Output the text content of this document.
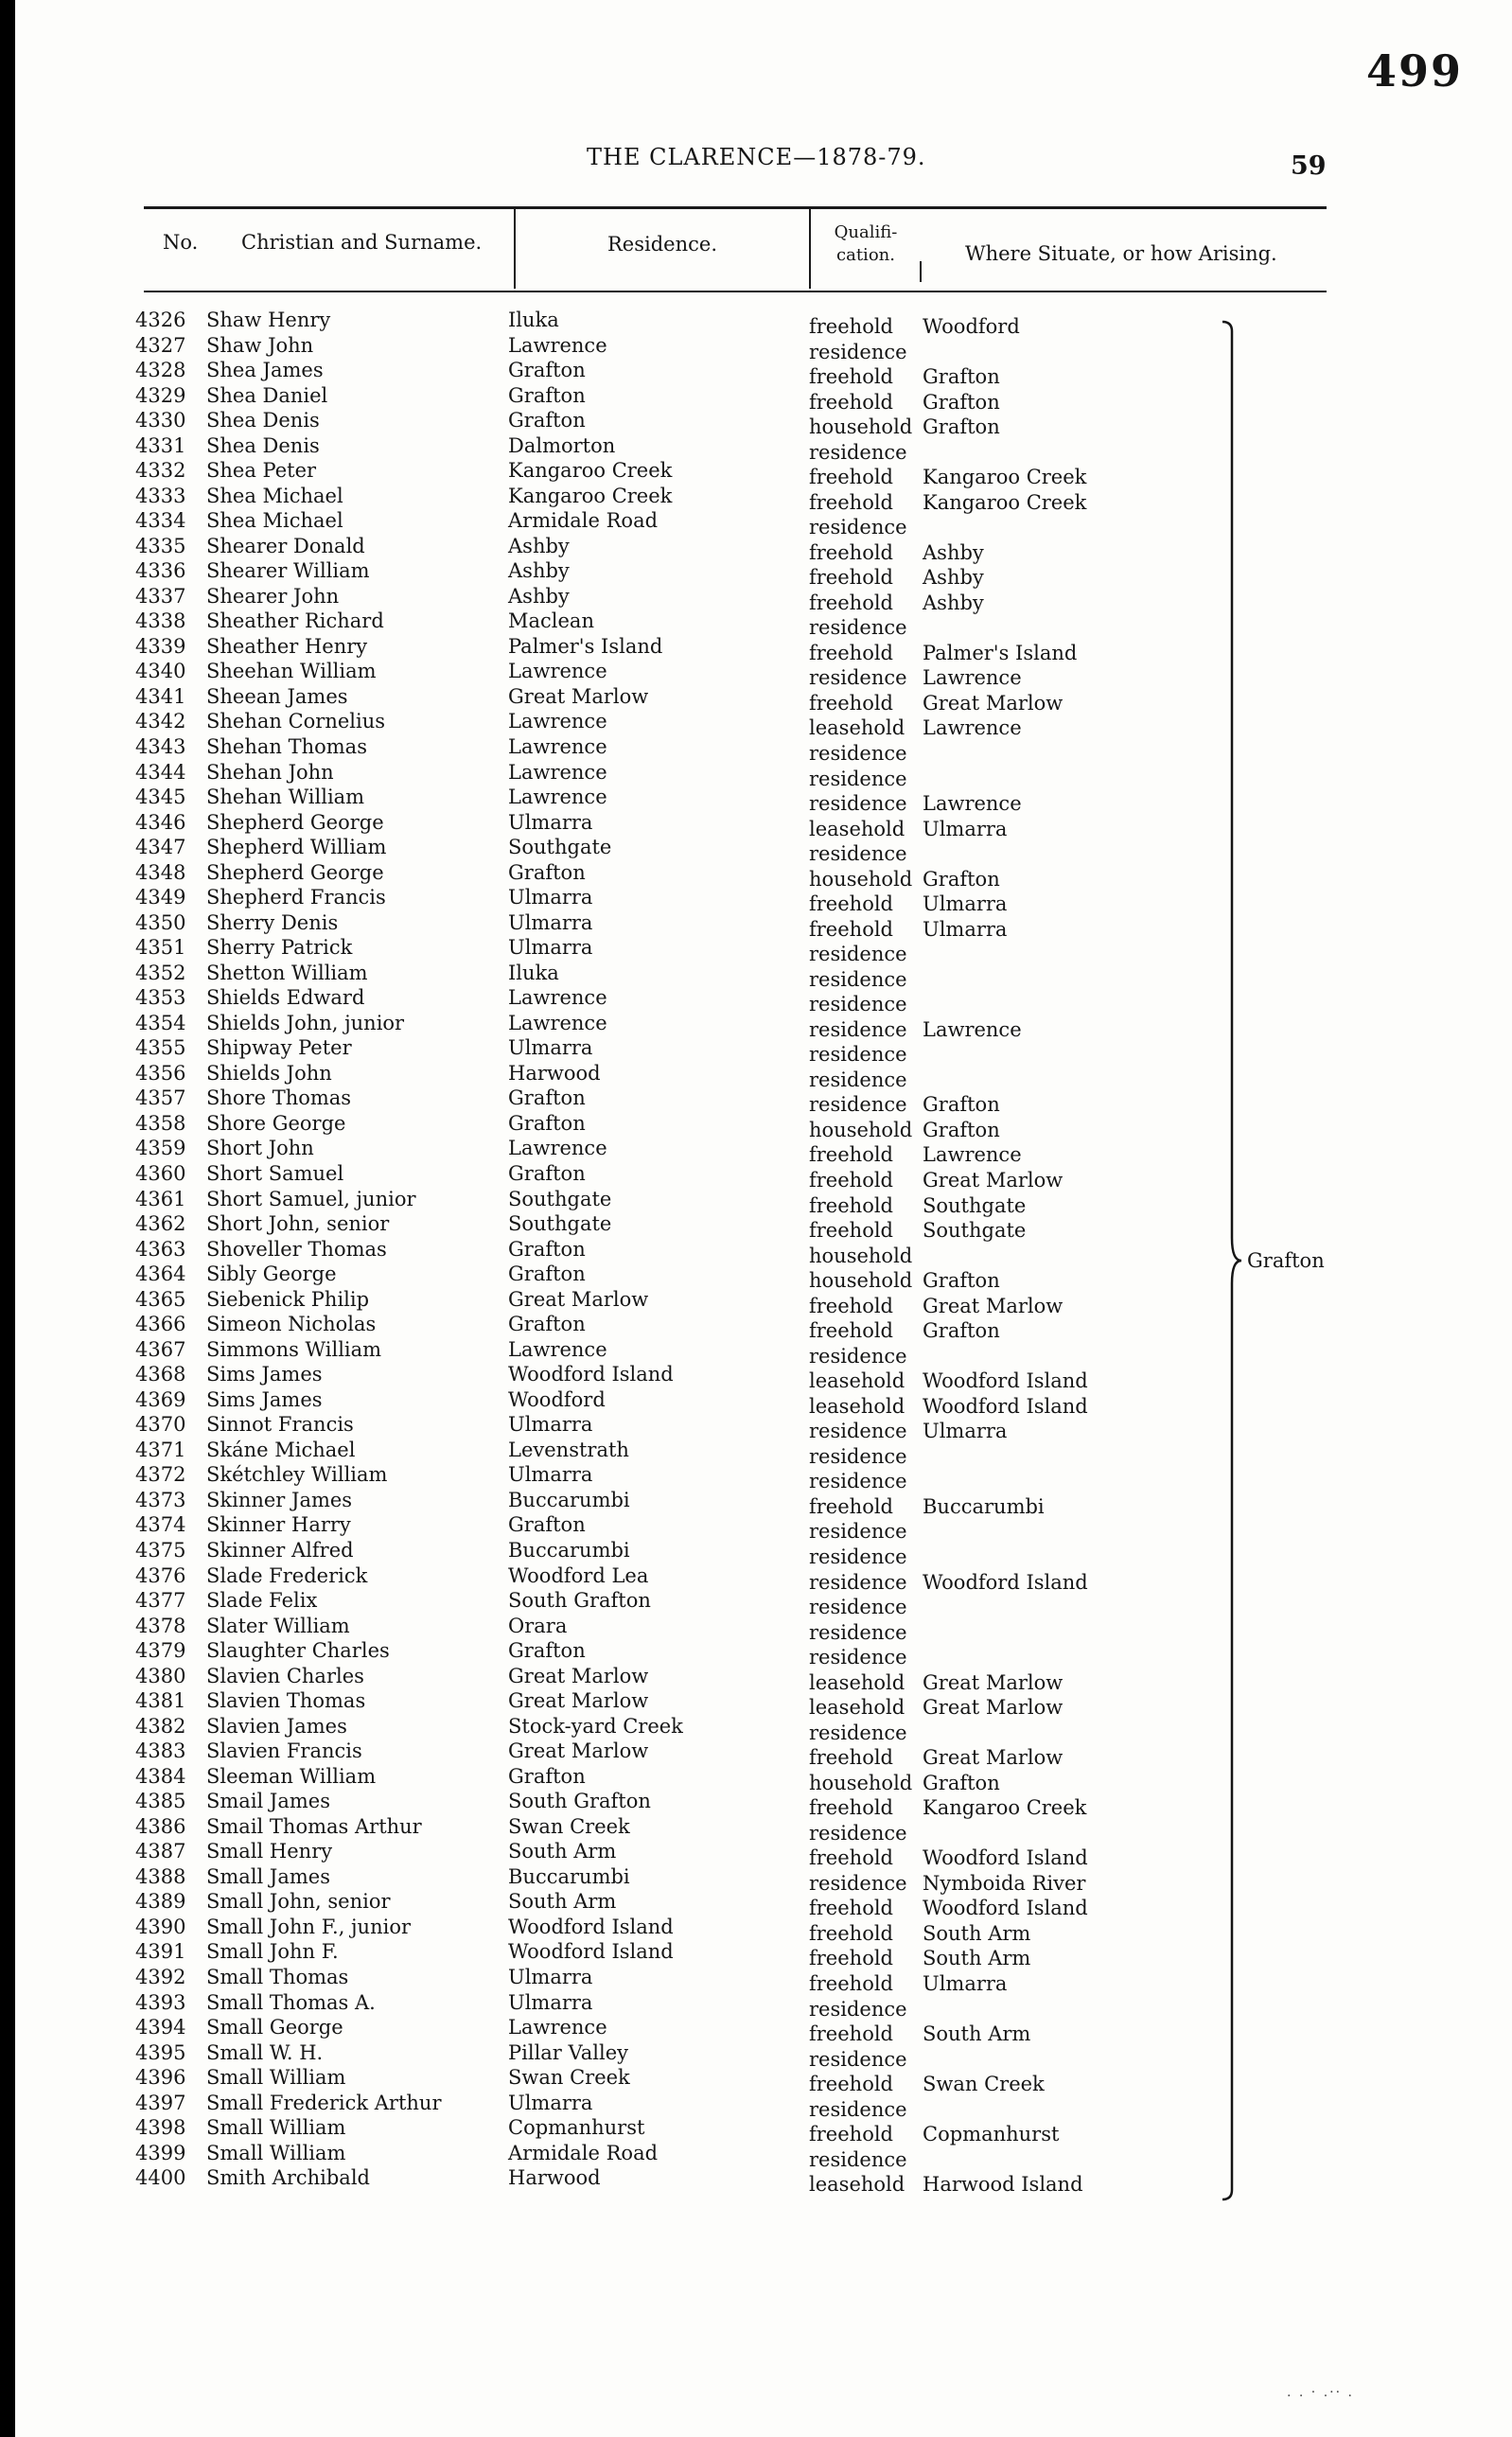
499
THE CLARENCE—1878-79.	59
No. Christian and Surname.	Residence.
Qualifi-
cation.	Where Situate, or how Arising.
4326 Shaw Henry	Iluka	freehold Woodford
4327 Shaw John	Lawrence	residence
4328 Shea James	Grafton	freehold Grafton
4329 Shea Daniel	Grafton	freehold Grafton
4330 Shea Denis	Grafton	household Grafton
4331 Shea Denis	Dalmorton	residence
4332 Shea Peter	Kangaroo Creek	freehold Kangaroo Creek
4333 Shea Michael	Kangaroo Creek	freehold Kangaroo Creek
4334 Shea Michael	Armidale Road	residence
4335 Shearer Donald	Ashby	freehold Ashby
4336 Shearer William	Ashby	freehold Ashby
4337 Shearer John	Ashby	freehold Ashby
4338 Sheather Richard	Maclean	residence
4339 Sheather Henry	Palmer's Island	freehold Palmer's Island
4340 Sheehan William	Lawrence	residence Lawrence
4341 Sheean James	Great Marlow	freehold Great Marlow
4342 Shehan Cornelius	Lawrence	leasehold Lawrence
4343 Shehan Thomas	Lawrence	residence
4344 Shehan John	Lawrence	residence
4345 Shehan William	Lawrence	residence Lawrence
4346 Shepherd George	Ulmarra	leasehold Ulmarra
4347 Shepherd William	Southgate	residence
4348 Shepherd George	Grafton	household Grafton
4349 Shepherd Francis	Ulmarra	freehold Ulmarra
4350 Sherry Denis	Ulmarra	freehold Ulmarra
4351 Sherry Patrick	Ulmarra	residence
4352 Shetton William	Iluka	residence
4353 Shields Edward	Lawrence	residence
4354 Shields John, junior	Lawrence	residence Lawrence
4355 Shipway Peter	Ulmarra	residence
4356 Shields John	Harwood	residence
4357 Shore Thomas	Grafton	residence Grafton
4358 Shore George	Grafton	household Grafton
4359 Short John	Lawrence	freehold Lawrence
4360 Short Samuel	Grafton	freehold Great Marlow
4361 Short Samuel, junior	Southgate	freehold Southgate
4362 Short John, senior	Southgate	freehold Southgate
4363 Shoveller Thomas	Grafton	household
4364 Sibly George	Grafton	household Grafton
4365 Siebenick Philip	Great Marlow	freehold Great Marlow
4366 Simeon Nicholas	Grafton	freehold Grafton
4367 Simmons William	Lawrence	residence
4368 Sims James	Woodford Island	leasehold Woodford Island
4369 Sims James	Woodford	leasehold Woodford Island
4370 Sinnot Francis	Ulmarra	residence Ulmarra
4371 Skáne Michael	Levenstrath	residence
4372 Skétchley William	Ulmarra	residence
4373 Skinner James	Buccarumbi	freehold Buccarumbi
4374 Skinner Harry	Grafton	residence
4375 Skinner Alfred	Buccarumbi	residence
4376 Slade Frederick	Woodford Lea	residence Woodford Island
4377 Slade Felix	South Grafton	residence
4378 Slater William	Orara	residence
4379 Slaughter Charles	Grafton	residence
4380 Slavien Charles	Great Marlow	leasehold Great Marlow
4381 Slavien Thomas	Great Marlow	leasehold Great Marlow
4382 Slavien James	Stock-yard Creek	residence
4383 Slavien Francis	Great Marlow	freehold Great Marlow
4384 Sleeman William	Grafton	household Grafton
4385 Smail James	South Grafton	freehold Kangaroo Creek
4386 Smail Thomas Arthur	Swan Creek	residence
4387 Small Henry	South Arm	freehold Woodford Island
4388 Small James	Buccarumbi	residence Nymboida River
4389 Small John, senior	South Arm	freehold Woodford Island
4390 Small John F., junior	Woodford Island	freehold South Arm
4391 Small John F.	Woodford Island	freehold South Arm
4392 Small Thomas	Ulmarra	freehold Ulmarra
4393 Small Thomas A.	Ulmarra	residence
4394 Small George	Lawrence	freehold South Arm
4395 Small W. H.	Pillar Valley	residence
4396 Small William	Swan Creek	freehold Swan Creek
4397 Small Frederick Arthur	Ulmarra	residence
4398 Small William	Copmanhurst	freehold Copmanhurst
4399 Small William	Armidale Road	residence
4400 Smith Archibald	Harwood	leasehold Harwood Island
Grafton
. . · .·· .
